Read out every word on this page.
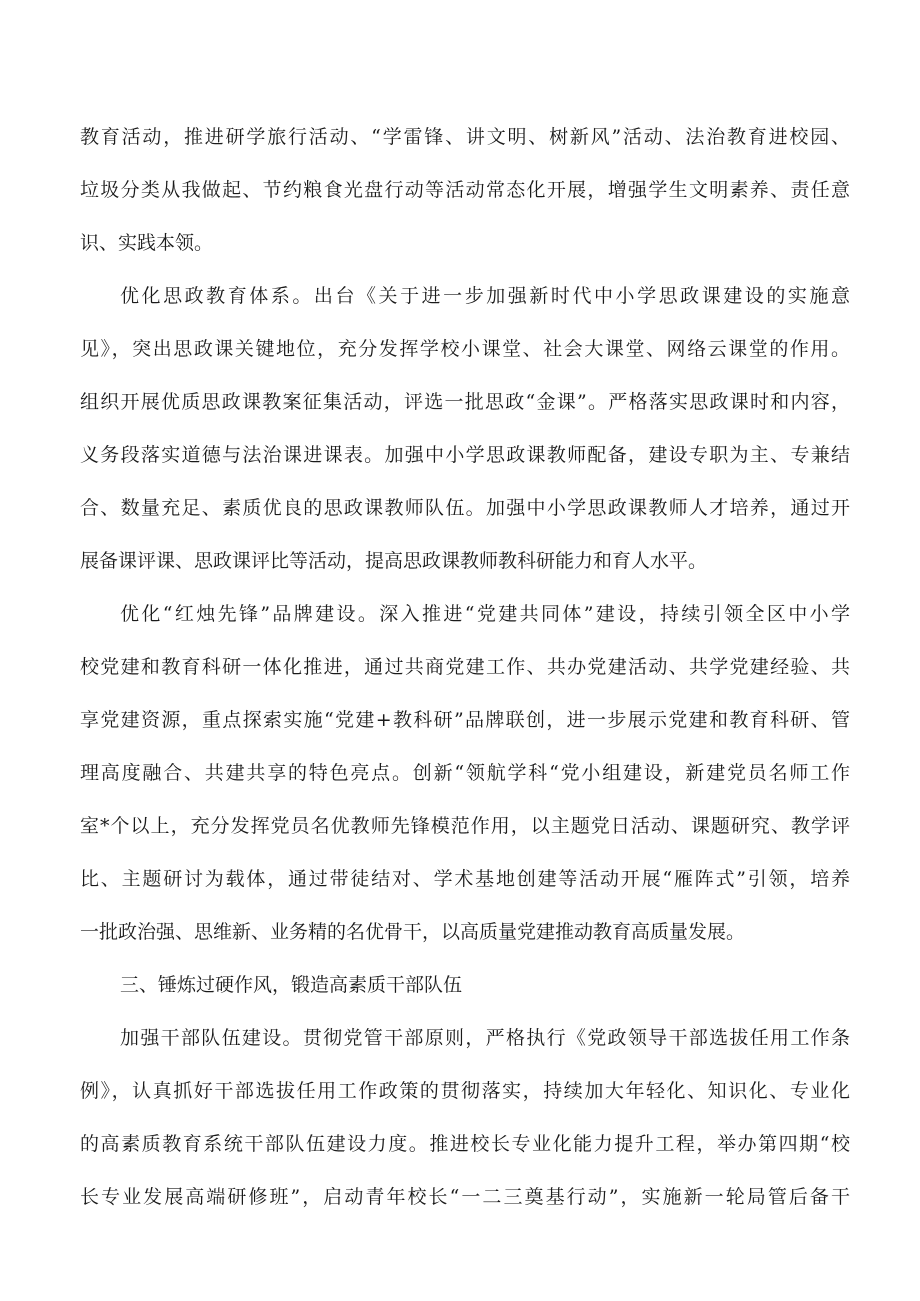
教育活动，推进研学旅行活动、“学雷锋、讲文明、树新风”活动、法治教育进校园、
垃圾分类从我做起、节约粮食光盘行动等活动常态化开展，增强学生文明素养、责任意
识、实践本领。
优化思政教育体系。出台《关于进一步加强新时代中小学思政课建设的实施意
见》，突出思政课关键地位，充分发挥学校小课堂、社会大课堂、网络云课堂的作用。
组织开展优质思政课教案征集活动，评选一批思政“金课”。严格落实思政课时和内容，
义务段落实道德与法治课进课表。加强中小学思政课教师配备，建设专职为主、专兼结
合、数量充足、素质优良的思政课教师队伍。加强中小学思政课教师人才培养，通过开
展备课评课、思政课评比等活动，提高思政课教师教科研能力和育人水平。
优化“红烛先锋”品牌建设。深入推进“党建共同体”建设，持续引领全区中小学
校党建和教育科研一体化推进，通过共商党建工作、共办党建活动、共学党建经验、共
享党建资源，重点探索实施“党建+教科研”品牌联创，进一步展示党建和教育科研、管
理高度融合、共建共享的特色亮点。创新“领航学科“党小组建设，新建党员名师工作
室*个以上，充分发挥党员名优教师先锋模范作用，以主题党日活动、课题研究、教学评
比、主题研讨为载体，通过带徒结对、学术基地创建等活动开展“雁阵式”引领，培养
一批政治强、思维新、业务精的名优骨干，以高质量党建推动教育高质量发展。
三、锤炼过硬作风，锻造高素质干部队伍
加强干部队伍建设。贯彻党管干部原则，严格执行《党政领导干部选拔任用工作条
例》，认真抓好干部选拔任用工作政策的贯彻落实，持续加大年轻化、知识化、专业化
的高素质教育系统干部队伍建设力度。推进校长专业化能力提升工程，举办第四期“校
长专业发展高端研修班”，启动青年校长“一二三奠基行动”，实施新一轮局管后备干
